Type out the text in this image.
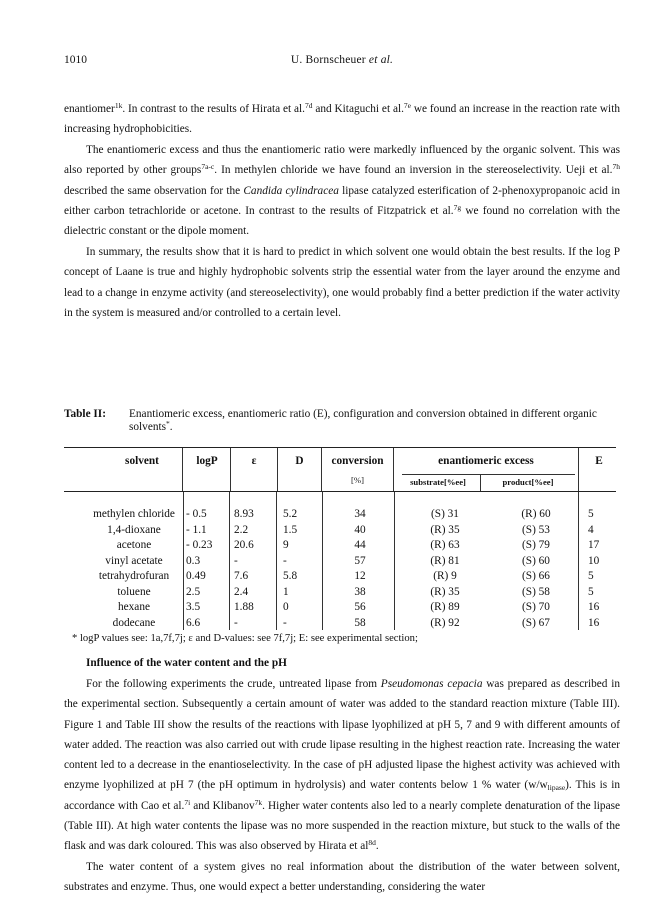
1010	U. Bornscheuer et al.

enantiomer$^{1k}$. In contrast to the results of Hirata et al.$^{7d}$ and Kitaguchi et al.$^{7e}$ we found an increase in the reaction rate with increasing hydrophobicities.

The enantiomeric excess and thus the enantiomeric ratio were markedly influenced by the organic solvent. This was also reported by other groups$^{7a-c}$. In methylen chloride we have found an inversion in the stereoselectivity. Ueji et al.$^{7h}$ described the same observation for the Candida cylindracea lipase catalyzed esterification of 2-phenoxypropanoic acid in either carbon tetrachloride or acetone. In contrast to the results of Fitzpatrick et al.$^{7g}$ we found no correlation with the dielectric constant or the dipole moment.

In summary, the results show that it is hard to predict in which solvent one would obtain the best results. If the log P concept of Laane is true and highly hydrophobic solvents strip the essential water from the layer around the enzyme and lead to a change in enzyme activity (and stereoselectivity), one would probably find a better prediction if the water activity in the system is measured and/or controlled to a certain level.

Table II: Enantiomeric excess, enantiomeric ratio (E), configuration and conversion obtained in different organic solvents*.
solvent	logP	ε	D	conversion
[%]
enantiomeric excess
substrate[%ee]	product[%ee]
E
methylen chloride - 0.5	8.93	5.2	34	(S) 31	(R) 60	5
1,4-dioxane	- 1.1	2.2	1.5	40	(R) 35	(S) 53	4
acetone	- 0.23	20.6	9	44	(R) 63	(S) 79	17
vinyl acetate	0.3	-	-	57	(R) 81	(S) 60	10
tetrahydrofuran	0.49	7.6	5.8	12	(R) 9	(S) 66	5
toluene	2.5	2.4	1	38	(R) 35	(S) 58	5
hexane	3.5	1.88	0	56	(R) 89	(S) 70	16
dodecane	6.6	-	-	58	(R) 92	(S) 67	16
* logP values see: 1a,7f,7j; ε and D-values: see 7f,7j; E: see experimental section;
Influence of the water content and the pH

For the following experiments the crude, untreated lipase from Pseudomonas cepacia was prepared as described in the experimental section. Subsequently a certain amount of water was added to the standard reaction mixture (Table III). Figure 1 and Table III show the results of the reactions with lipase lyophilized at pH 5, 7 and 9 with different amounts of water added. The reaction was also carried out with crude lipase resulting in the highest reaction rate. Increasing the water content led to a decrease in the enantioselectivity. In the case of pH adjusted lipase the highest activity was achieved with enzyme lyophilized at pH 7 (the pH optimum in hydrolysis) and water contents below 1 % water $(w/w_{lipase})$. This is in accordance with Cao et al.$^{7i}$ and Klibanov$^{7k}$. Higher water contents also led to a nearly complete denaturation of the lipase (Table III). At high water contents the lipase was no more suspended in the reaction mixture, but stuck to the walls of the flask and was dark coloured. This was also observed by Hirata et $al^{8d}$.

The water content of a system gives no real information about the distribution of the water between solvent, substrates and enzyme. Thus, one would expect a better understanding, considering the water
